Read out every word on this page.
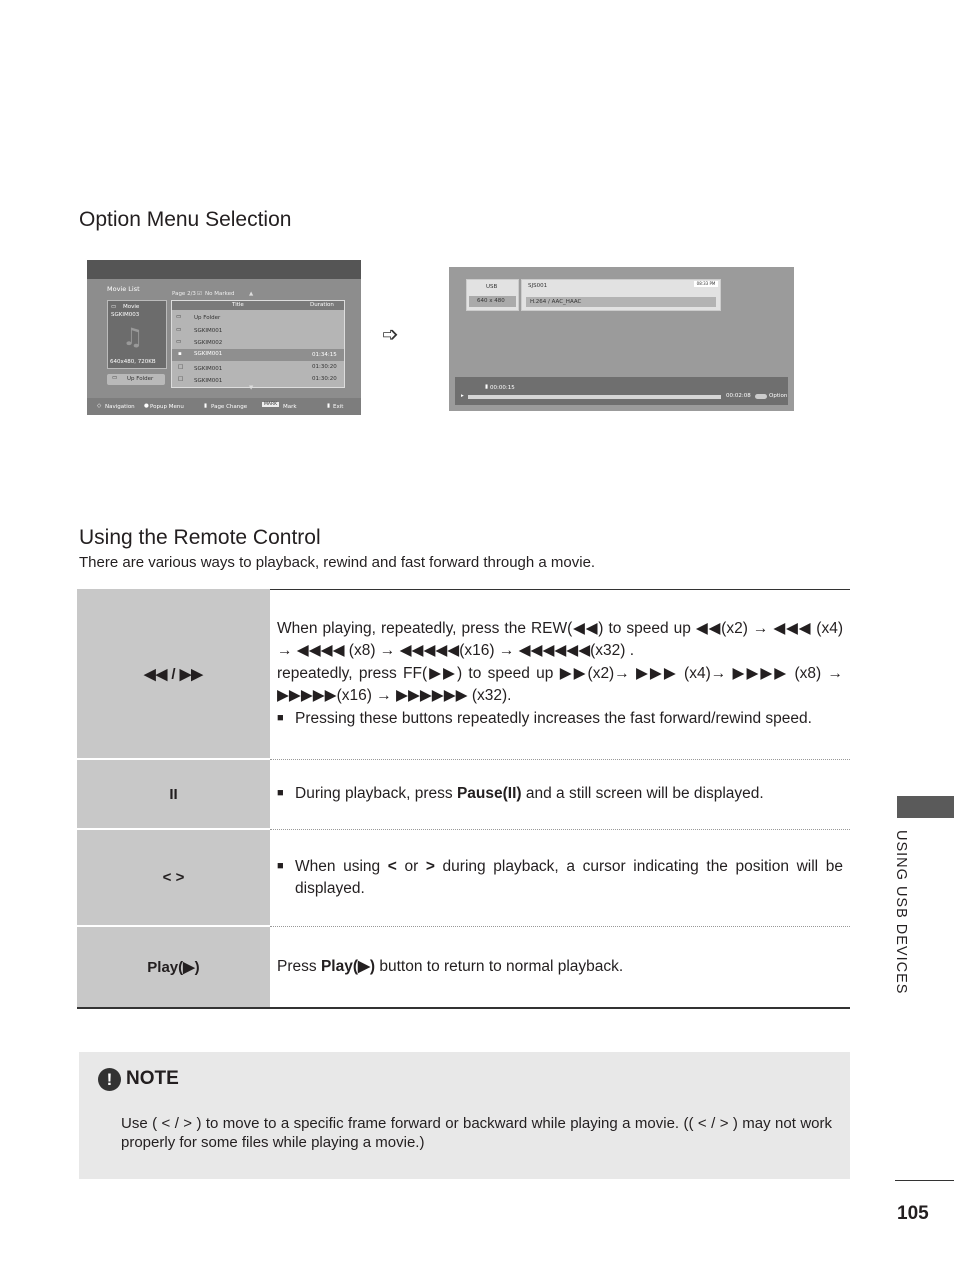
Option Menu Selection
Movie List
Page 2/3 ☑ No Marked	▲
▭ Movie
SGKIM003
♫
640x480, 720KB
▭ Up Folder
Title	Duration
▭ Up Folder
▭ SGKIM001
▭ SGKIM002
▪ SGKIM001	01:34:15
□ SGKIM001	01:30:20
□ SGKIM001	01:30:20
▼
◇ Navigation ● Popup Menu	▮ Page Change	MARK	Mark	▮ Exit
➩
USB
640 x 480
SJS001	08:33 PM
H.264 / AAC_HAAC
▮ 00:00:15
▸	00:02:08	Option
Using the Remote Control
There are various ways to playback, rewind and fast forward through a movie.
◀◀ / ▶▶	When playing, repeatedly, press the REW(◀◀) to speed up ◀◀(x2) → ◀◀◀ (x4) → ◀◀◀◀ (x8) → ◀◀◀◀◀(x16) → ◀◀◀◀◀◀(x32) .
repeatedly, press FF(▶▶) to speed up ▶▶(x2)→ ▶▶▶ (x4)→ ▶▶▶▶ (x8) → ▶▶▶▶▶(x16) → ▶▶▶▶▶▶ (x32).
■ Pressing these buttons repeatedly increases the fast forward/rewind speed.

II	■ During playback, press Pause(II) and a still screen will be displayed.

< >	■ When using < or > during playback, a cursor indicating the position will be displayed.

Play(▶)	Press Play(▶) button to return to normal playback.
! NOTE
Use ( < / > ) to move to a specific frame forward or backward while playing a movie. (( < / > ) may not work properly for some files while playing a movie.)
USING USB DEVICES
105
